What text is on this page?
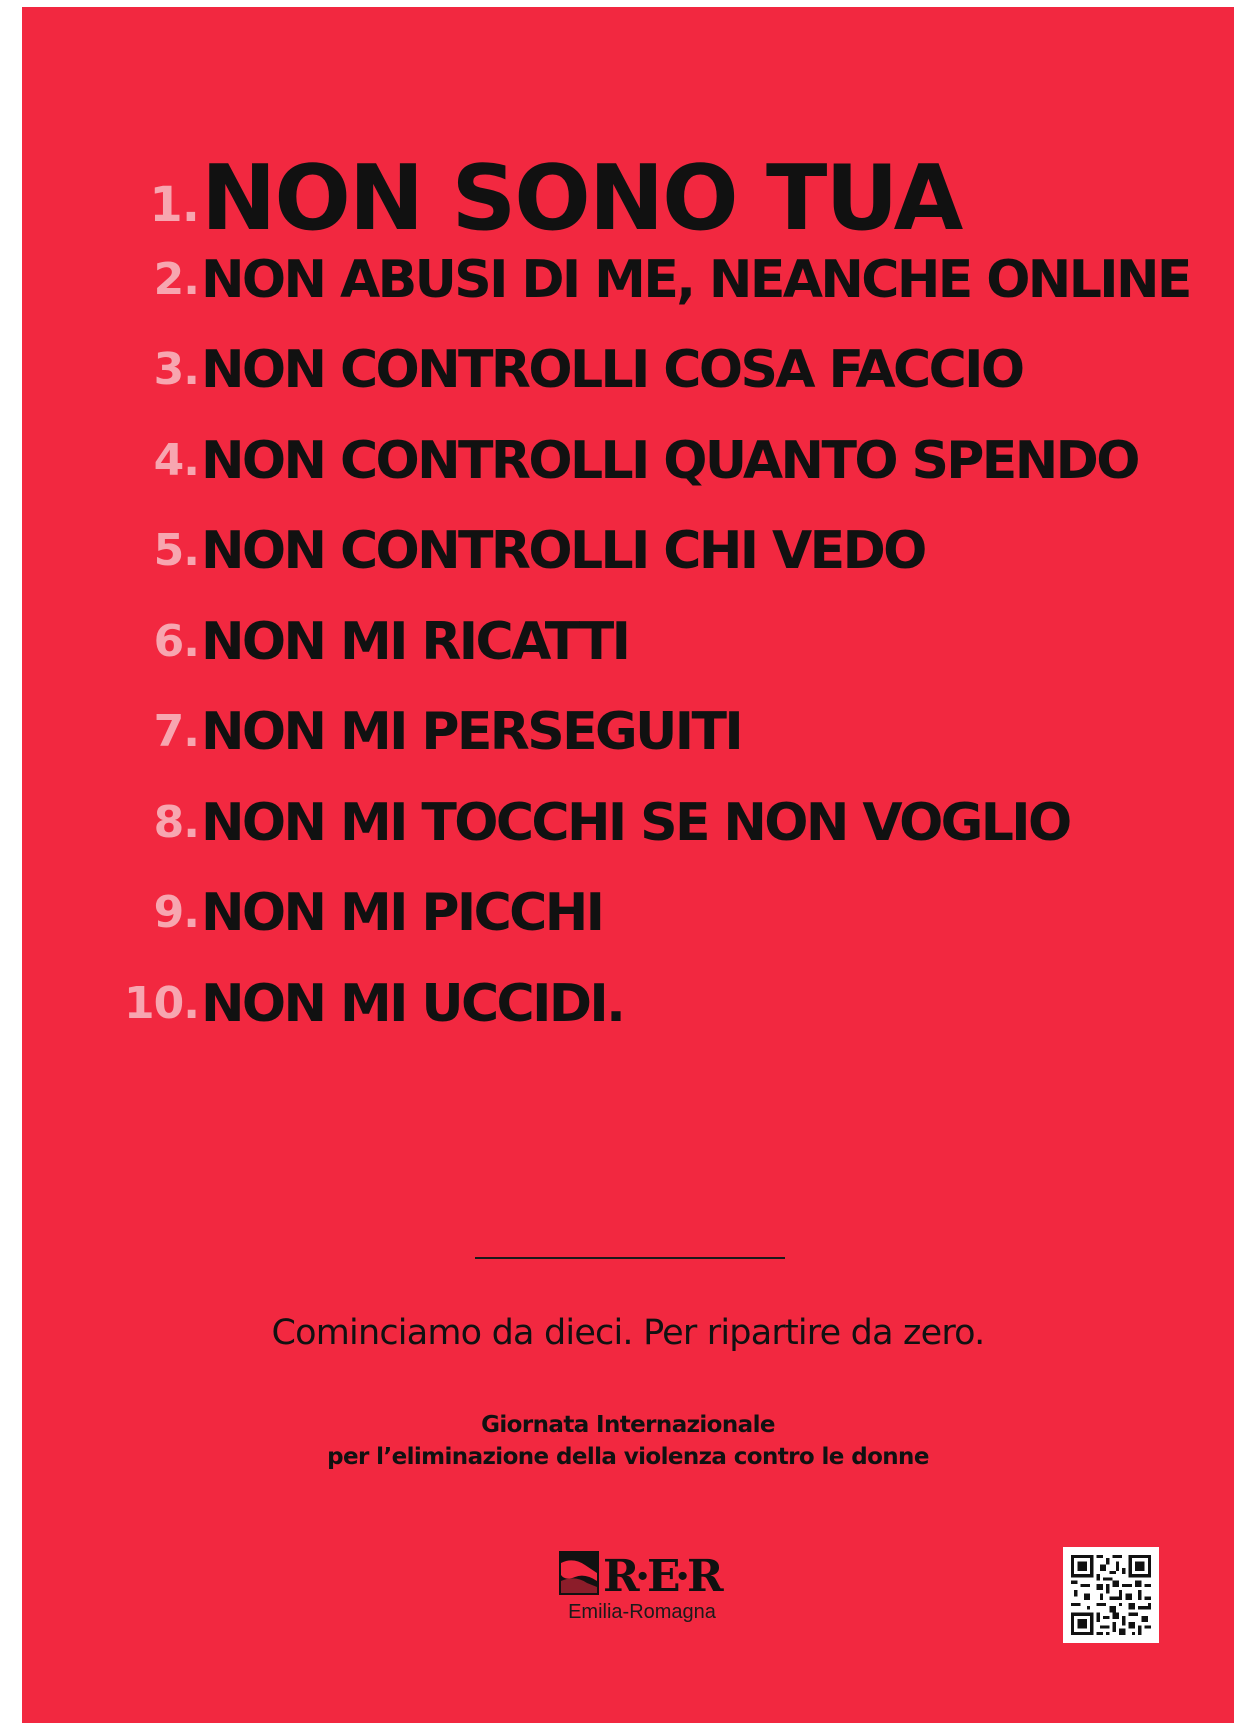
1. NON SONO TUA
2. NON ABUSI DI ME, NEANCHE ONLINE
3. NON CONTROLLI COSA FACCIO
4. NON CONTROLLI QUANTO SPENDO
5. NON CONTROLLI CHI VEDO
6. NON MI RICATTI
7. NON MI PERSEGUITI
8. NON MI TOCCHI SE NON VOGLIO
9. NON MI PICCHI
10. NON MI UCCIDI.
Cominciamo da dieci. Per ripartire da zero.
Giornata Internazionale
per l’eliminazione della violenza contro le donne
R
·
E
·
R
Emilia-Romagna
